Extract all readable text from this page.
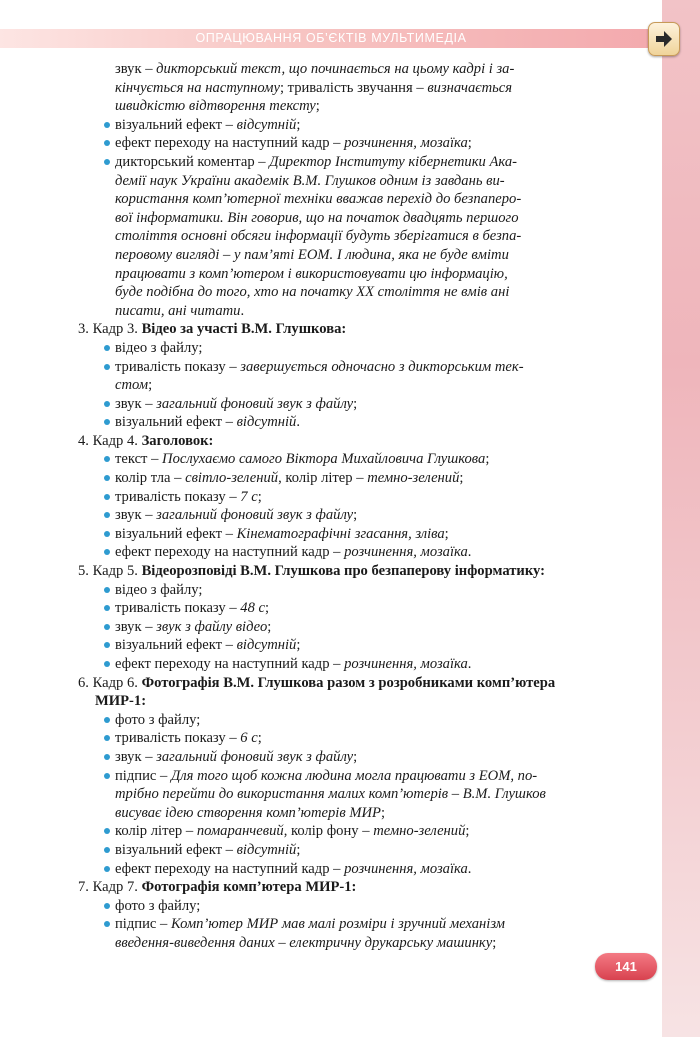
ОПРАЦЮВАННЯ ОБ’ЄКТІВ МУЛЬТИМЕДІА
звук – дикторський текст, що починається на цьому кадрі і за-
кінчується на наступному; тривалість звучання – визначається
швидкістю відтворення тексту;
візуальний ефект – відсутній;
ефект переходу на наступний кадр – розчинення, мозаїка;
дикторський коментар – Директор Інституту кібернетики Ака-
демії наук України академік В.М. Глушков одним із завдань ви-
користання комп’ютерної техніки вважав перехід до безпаперо-
вої інформатики. Він говорив, що на початок двадцять першого
століття основні обсяги інформації будуть зберігатися в безпа-
перовому вигляді – у пам’яті ЕОМ. І людина, яка не буде вміти
працювати з комп’ютером і використовувати цю інформацію,
буде подібна до того, хто на початку ХХ століття не вмів ані
писати, ані читати.
3. Кадр 3. Відео за участі В.М. Глушкова:
відео з файлу;
тривалість показу – завершується одночасно з дикторським тек-
стом;
звук – загальний фоновий звук з файлу;
візуальний ефект – відсутній.
4. Кадр 4. Заголовок:
текст – Послухаємо самого Віктора Михайловича Глушкова;
колір тла – світло-зелений, колір літер – темно-зелений;
тривалість показу – 7 с;
звук – загальний фоновий звук з файлу;
візуальний ефект – Кінематографічні згасання, зліва;
ефект переходу на наступний кадр – розчинення, мозаїка.
5. Кадр 5. Відеорозповіді В.М. Глушкова про безпаперову інформатику:
відео з файлу;
тривалість показу – 48 с;
звук – звук з файлу відео;
візуальний ефект – відсутній;
ефект переходу на наступний кадр – розчинення, мозаїка.
6. Кадр 6. Фотографія В.М. Глушкова разом з розробниками комп’ютера
МИР-1:
фото з файлу;
тривалість показу – 6 с;
звук – загальний фоновий звук з файлу;
підпис – Для того щоб кожна людина могла працювати з ЕОМ, по-
трібно перейти до використання малих комп’ютерів – В.М. Глушков
висуває ідею створення комп’ютерів МИР;
колір літер – помаранчевий, колір фону – темно-зелений;
візуальний ефект – відсутній;
ефект переходу на наступний кадр – розчинення, мозаїка.
7. Кадр 7. Фотографія комп’ютера МИР-1:
фото з файлу;
підпис – Комп’ютер МИР мав малі розміри і зручний механізм
введення-виведення даних – електричну друкарську машинку;
141
